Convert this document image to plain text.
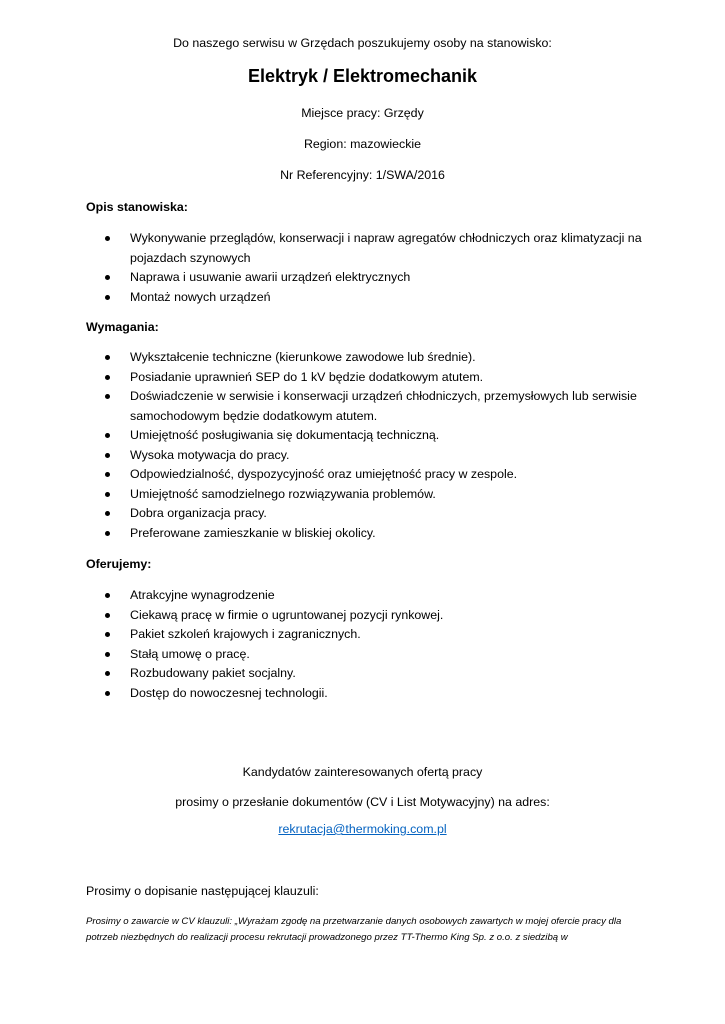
Do naszego serwisu w Grzędach poszukujemy osoby na stanowisko:
Elektryk / Elektromechanik
Miejsce pracy: Grzędy
Region: mazowieckie
Nr Referencyjny: 1/SWA/2016
Opis stanowiska:
Wykonywanie przeglądów, konserwacji i napraw agregatów chłodniczych oraz klimatyzacji na pojazdach szynowych
Naprawa i usuwanie awarii urządzeń elektrycznych
Montaż nowych urządzeń
Wymagania:
Wykształcenie techniczne (kierunkowe zawodowe lub średnie).
Posiadanie uprawnień SEP do 1 kV będzie dodatkowym atutem.
Doświadczenie w serwisie i konserwacji urządzeń chłodniczych, przemysłowych lub serwisie samochodowym będzie dodatkowym atutem.
Umiejętność posługiwania się dokumentacją techniczną.
Wysoka motywacja do pracy.
Odpowiedzialność, dyspozycyjność oraz umiejętność pracy w zespole.
Umiejętność samodzielnego rozwiązywania problemów.
Dobra organizacja pracy.
Preferowane zamieszkanie w bliskiej okolicy.
Oferujemy:
Atrakcyjne wynagrodzenie
Ciekawą pracę w firmie o ugruntowanej pozycji rynkowej.
Pakiet szkoleń krajowych i zagranicznych.
Stałą umowę o pracę.
Rozbudowany pakiet socjalny.
Dostęp do nowoczesnej technologii.
Kandydatów zainteresowanych ofertą pracy
prosimy o przesłanie dokumentów (CV i List Motywacyjny) na adres:
rekrutacja@thermoking.com.pl
Prosimy o dopisanie następującej klauzuli:
Prosimy o zawarcie w CV klauzuli: „Wyrażam zgodę na przetwarzanie danych osobowych zawartych w mojej ofercie pracy dla potrzeb niezbędnych do realizacji procesu rekrutacji prowadzonego przez TT-Thermo King Sp. z o.o. z siedzibą w
